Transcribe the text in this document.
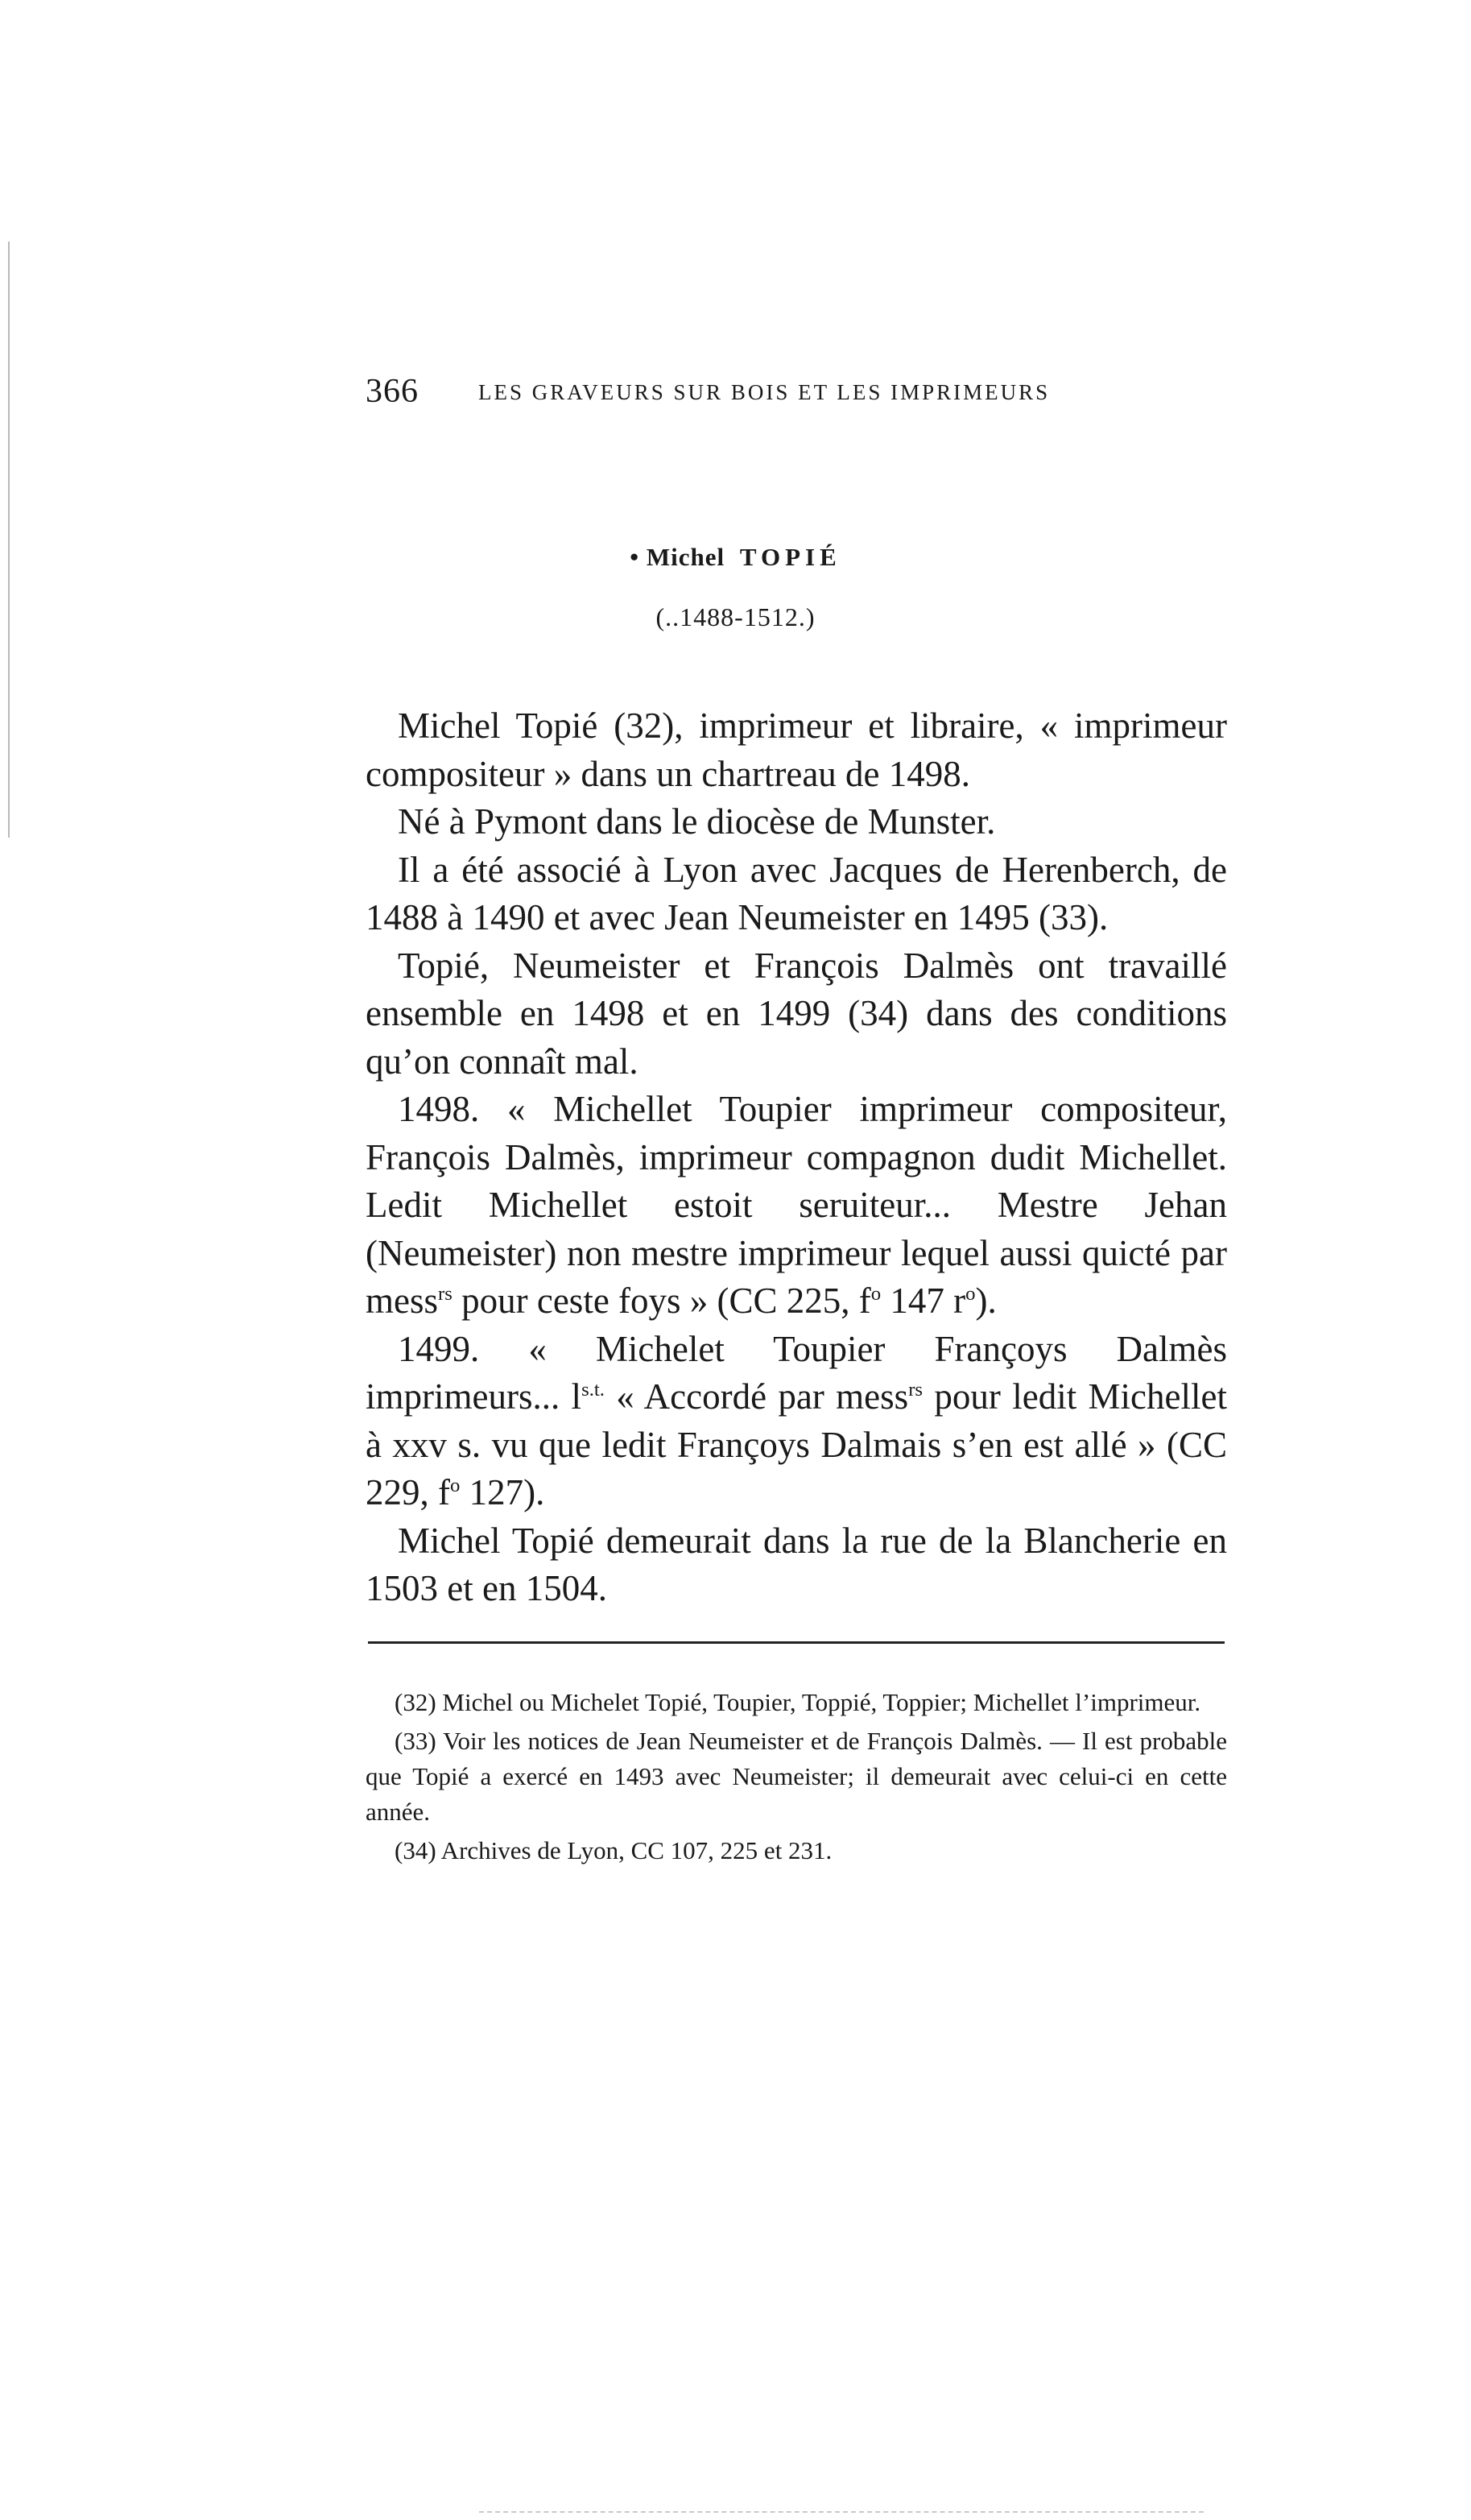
366	LES GRAVEURS SUR BOIS ET LES IMPRIMEURS
• Michel TOPIÉ
(..1488-1512.)

Michel Topié (32), imprimeur et libraire, « imprimeur compositeur » dans un chartreau de 1498.

Né à Pymont dans le diocèse de Munster.

Il a été associé à Lyon avec Jacques de Herenberch, de 1488 à 1490 et avec Jean Neumeister en 1495 (33).

Topié, Neumeister et François Dalmès ont travaillé ensemble en 1498 et en 1499 (34) dans des conditions qu’on connaît mal.

1498. « Michellet Toupier imprimeur compositeur, François Dalmès, imprimeur compagnon dudit Michellet. Ledit Michellet estoit seruiteur... Mestre Jehan (Neumeister) non mestre imprimeur lequel aussi quicté par mess$^{rs}$ pour ceste foys » (CC 225, $f^o$ 147 $r^o$).

1499. « Michelet Toupier Françoys Dalmès imprimeurs... $l^{s.t.}$ « Accordé par mess$^{rs}$ pour ledit Michellet à xxv s. vu que ledit Françoys Dalmais s’en est allé » (CC 229, $f^o$ 127).

Michel Topié demeurait dans la rue de la Blancherie en 1503 et en 1504.

(32) Michel ou Michelet Topié, Toupier, Toppié, Toppier; Michellet l’imprimeur.

(33) Voir les notices de Jean Neumeister et de François Dalmès. — Il est probable que Topié a exercé en 1493 avec Neumeister; il demeurait avec celui-ci en cette année.

(34) Archives de Lyon, CC 107, 225 et 231.
